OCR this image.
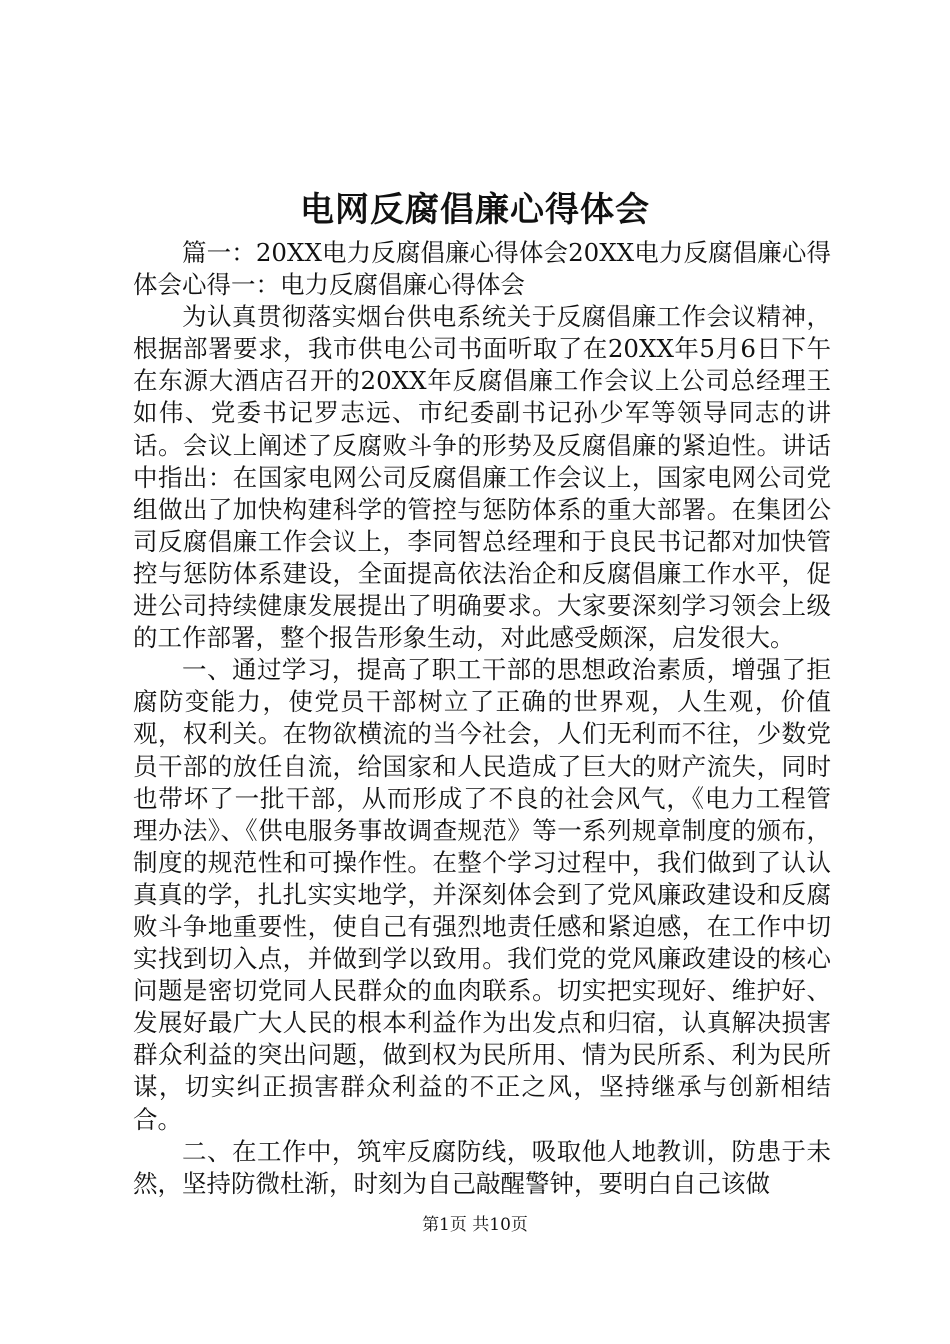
电网反腐倡廉心得体会

篇一：20XX电力反腐倡廉心得体会20XX电力反腐倡廉心得体会心得一：电力反腐倡廉心得体会

为认真贯彻落实烟台供电系统关于反腐倡廉工作会议精神，根据部署要求，我市供电公司书面听取了在20XX年5月6日下午在东源大酒店召开的20XX年反腐倡廉工作会议上公司总经理王如伟、党委书记罗志远、市纪委副书记孙少军等领导同志的讲话。会议上阐述了反腐败斗争的形势及反腐倡廉的紧迫性。讲话中指出：在国家电网公司反腐倡廉工作会议上，国家电网公司党组做出了加快构建科学的管控与惩防体系的重大部署。在集团公司反腐倡廉工作会议上，李同智总经理和于良民书记都对加快管控与惩防体系建设，全面提高依法治企和反腐倡廉工作水平，促进公司持续健康发展提出了明确要求。大家要深刻学习领会上级的工作部署，整个报告形象生动，对此感受颇深，启发很大。

一、通过学习，提高了职工干部的思想政治素质，增强了拒腐防变能力，使党员干部树立了正确的世界观，人生观，价值观，权利关。在物欲横流的当今社会，人们无利而不往，少数党员干部的放任自流，给国家和人民造成了巨大的财产流失，同时也带坏了一批干部，从而形成了不良的社会风气，《电力工程管理办法》、《供电服务事故调查规范》等一系列规章制度的颁布，制度的规范性和可操作性。在整个学习过程中，我们做到了认认真真的学，扎扎实实地学，并深刻体会到了党风廉政建设和反腐败斗争地重要性，使自己有强烈地责任感和紧迫感，在工作中切实找到切入点，并做到学以致用。我们党的党风廉政建设的核心问题是密切党同人民群众的血肉联系。切实把实现好、维护好、发展好最广大人民的根本利益作为出发点和归宿，认真解决损害群众利益的突出问题，做到权为民所用、情为民所系、利为民所谋，切实纠正损害群众利益的不正之风，坚持继承与创新相结合。

二、在工作中，筑牢反腐防线，吸取他人地教训，防患于未然，坚持防微杜渐，时刻为自己敲醒警钟，要明白自己该做

第1页 共10页
